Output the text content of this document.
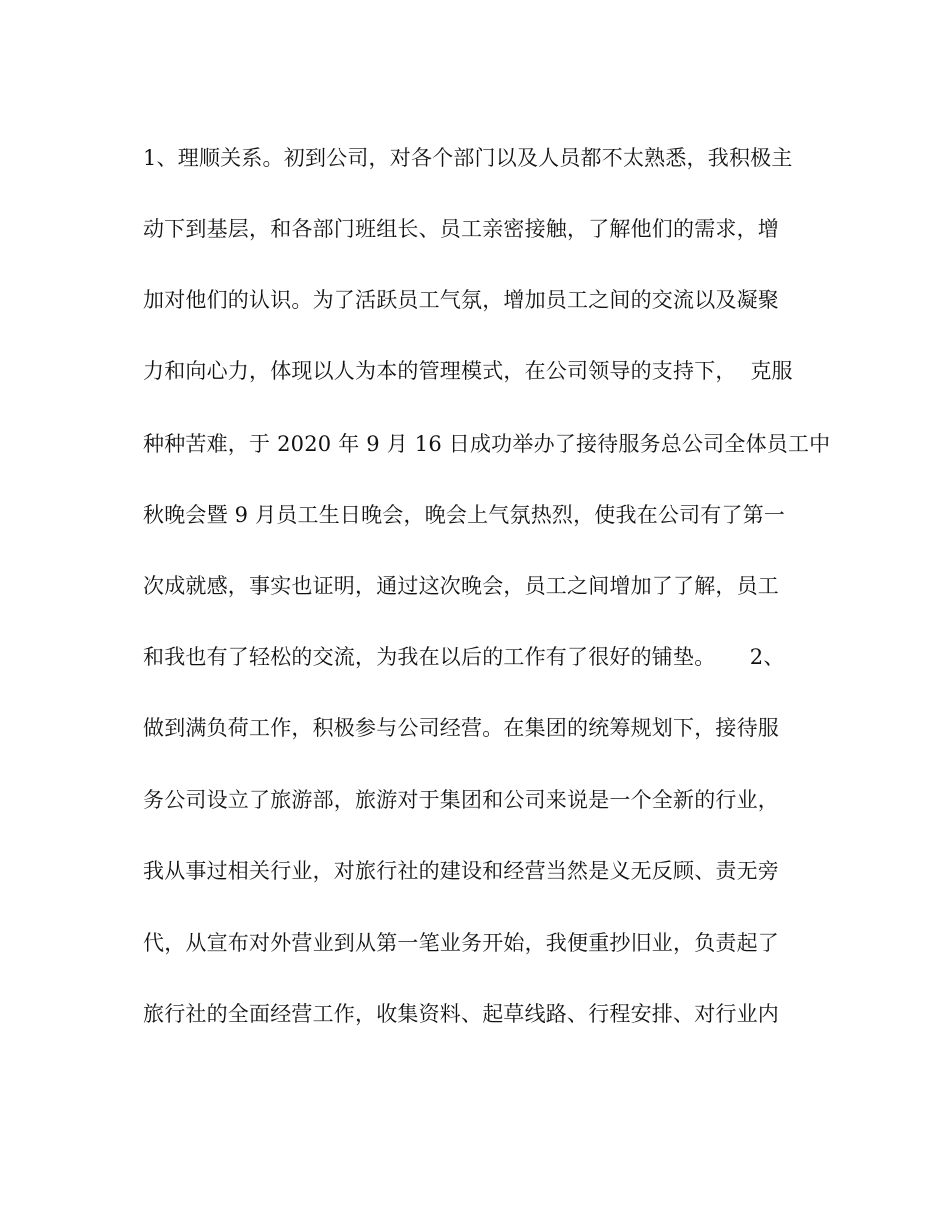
1、理顺关系。初到公司，对各个部门以及人员都不太熟悉，我积极主
动下到基层，和各部门班组长、员工亲密接触，了解他们的需求，增
加对他们的认识。为了活跃员工气氛，增加员工之间的交流以及凝聚
力和向心力，体现以人为本的管理模式，在公司领导的支持下，  克服
种种苦难，于 2020 年 9 月 16 日成功举办了接待服务总公司全体员工中
秋晚会暨 9 月员工生日晚会，晚会上气氛热烈，使我在公司有了第一
次成就感，事实也证明，通过这次晚会，员工之间增加了了解，员工
和我也有了轻松的交流，为我在以后的工作有了很好的铺垫。     2、
做到满负荷工作，积极参与公司经营。在集团的统筹规划下，接待服
务公司设立了旅游部，旅游对于集团和公司来说是一个全新的行业，
我从事过相关行业，对旅行社的建设和经营当然是义无反顾、责无旁
代，从宣布对外营业到从第一笔业务开始，我便重抄旧业，负责起了
旅行社的全面经营工作，收集资料、起草线路、行程安排、对行业内
